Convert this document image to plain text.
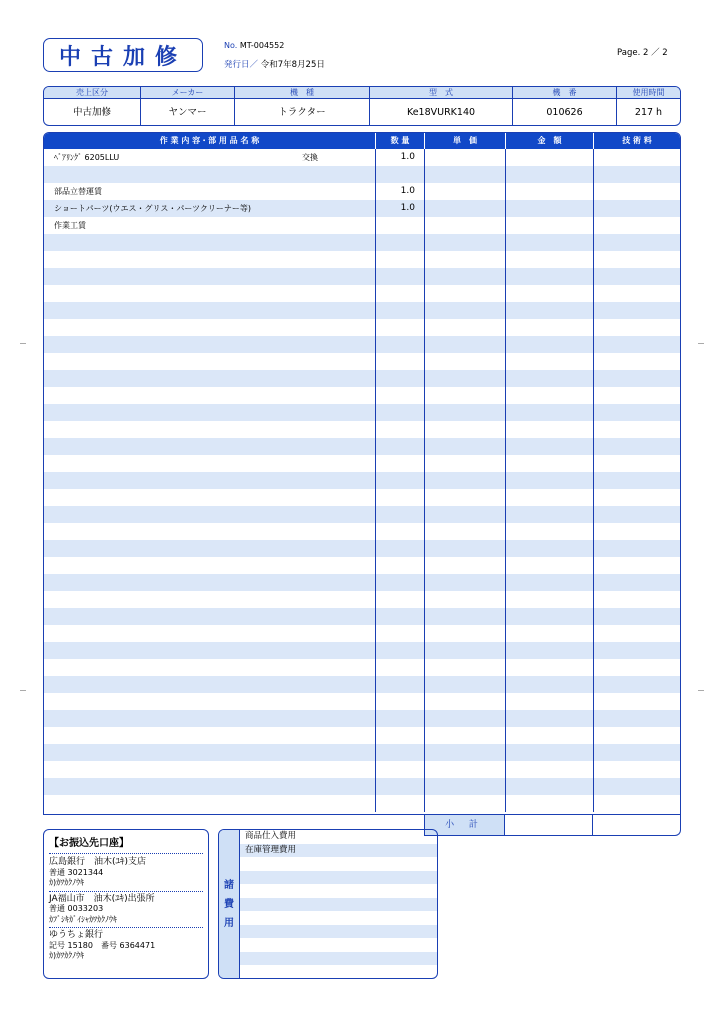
中古加修	No. MT-004552
発行日／ 令和7年8月25日
Page. 2 ／ 2
売上区分	メーカー	機　種	型　式	機　番	使用時間
中古加修	ヤンマー	トラクター	Ke18VURK140	010626	217 h
作 業 内 容・部 用 品 名 称	数 量	単　価	金　額	技 術 料
ﾍﾞｱﾘﾝｸﾞ 6205LLU	交換	1.0
部品立替運賃	1.0
ショートパーツ(ウエス・グリス・パーツクリーナー等)	1.0
作業工賃
小 計
【お振込先口座】
広島銀行　油木(ﾕｷ)支店
普通 3021344
ｶ)ｶﾜｶｸﾉｳｷ
JA福山市　油木(ﾕｷ)出張所
普通 0033203
ｶﾌﾞｼｷｶﾞｲｼｬｶﾜｶｸﾉｳｷ
ゆうちょ銀行
記号 15180　番号 6364471
ｶ)ｶﾜｶｸﾉｳｷ
諸
費
用
商品仕入費用
在庫管理費用
